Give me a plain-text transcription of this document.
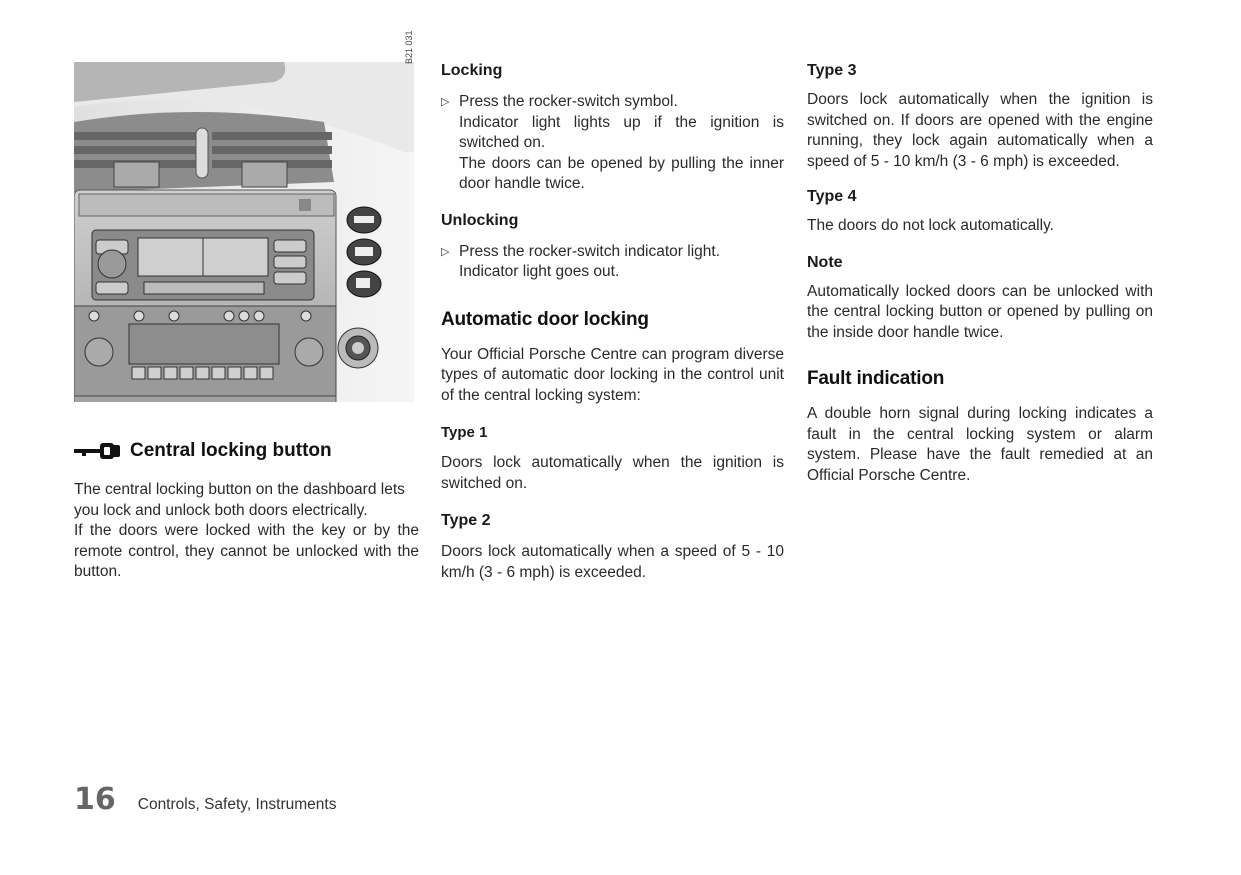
Central locking button

The central locking button on the dashboard lets you lock and unlock both doors electrically.

If the doors were locked with the key or by the remote control, they cannot be unlocked with the button.

B21 031
Locking
▷ Press the rocker-switch symbol.
Indicator light lights up if the ignition is switched on.
The doors can be opened by pulling the inner door handle twice.
Unlocking
▷ Press the rocker-switch indicator light.
Indicator light goes out.
Automatic door locking

Your Official Porsche Centre can program diverse types of automatic door locking in the control unit of the central locking system:

Type 1

Doors lock automatically when the ignition is switched on.

Type 2

Doors lock automatically when a speed of 5 - 10 km/h (3 - 6 mph) is exceeded.

Type 3

Doors lock automatically when the ignition is switched on. If doors are opened with the engine running, they lock again automatically when a speed of 5 - 10 km/h (3 - 6 mph) is exceeded.

Type 4

The doors do not lock automatically.

Note

Automatically locked doors can be unlocked with the central locking button or opened by pulling on the inside door handle twice.

Fault indication

A double horn signal during locking indicates a fault in the central locking system or alarm system. Please have the fault remedied at an Official Porsche Centre.

16 Controls, Safety, Instruments
